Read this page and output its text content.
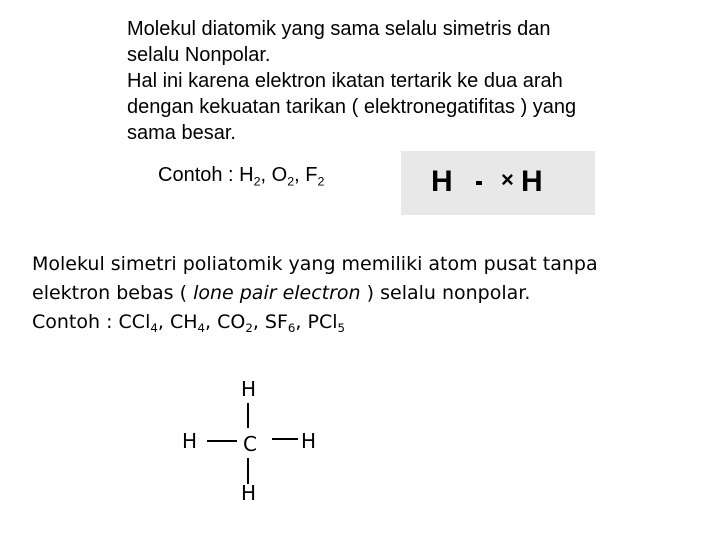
Molekul diatomik yang sama selalu simetris dan
selalu Nonpolar.
Hal ini karena elektron ikatan tertarik ke dua arah
dengan kekuatan tarikan ( elektronegatifitas ) yang
sama besar.
Contoh : $H_2$, $O_2$, $F_2$	H × H
Molekul simetri poliatomik yang memiliki atom pusat tanpa
elektron bebas ( lone pair electron ) selalu nonpolar.
Contoh : CCl$_4$, $CH_4$, $CO_2$, $SF_6$, PCl$_5$
H
H C H
H
